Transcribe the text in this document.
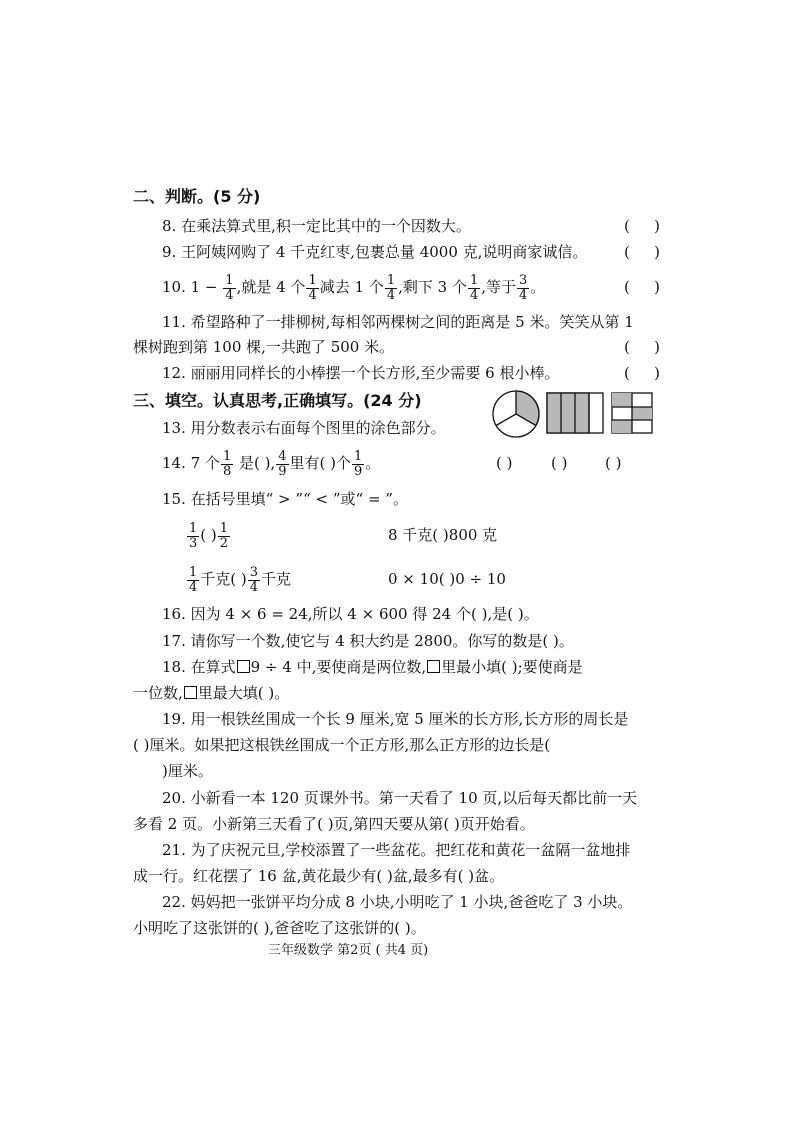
二、判断。(5 分)
8. 在乘法算式里,积一定比其中的一个因数大。	( )
9. 王阿姨网购了 4 千克红枣,包裹总量 4000 克,说明商家诚信。 ( )
10. $1 - \frac{1}{4}$ ,就是 4 个 $\frac{1}{4}$ 减去 1 个 $\frac{1}{4}$ ,剩下 3 个 $\frac{1}{4}$ ,等于 $\frac{3}{4}$ 。	( )
11. 希望路种了一排柳树,每相邻两棵树之间的距离是 5 米。笑笑从第 1
棵树跑到第 100 棵,一共跑了 500 米。	( )
12. 丽丽用同样长的小棒摆一个长方形,至少需要 6 根小棒。	( )
三、填空。认真思考,正确填写。(24 分)
13. 用分数表示右面每个图里的涂色部分。
14. 7 个 $\frac{1}{8}$ 是( ), $\frac{4}{9}$ 里有( )个 $\frac{1}{9}$ 。	( )	( )	( )
15. 在括号里填“ > ”“ < ”或“ = ”。
$\frac{1}{3}$ ( ) $\frac{1}{2}$	8 千克( )800 克
$\frac{1}{4}$ 千克( ) $\frac{3}{4}$ 千克	0 × 10( )0 ÷ 10
16. 因为 4 × 6 = 24,所以 4 × 600 得 24 个( ),是( )。
17. 请你写一个数,使它与 4 积大约是 2800。你写的数是( )。
18. 在算式 9 ÷ 4 中,要使商是两位数, 里最小填( );要使商是
一位数, 里最大填( )。
19. 用一根铁丝围成一个长 9 厘米,宽 5 厘米的长方形,长方形的周长是
( )厘米。如果把这根铁丝围成一个正方形,那么正方形的边长是(
)厘米。
20. 小新看一本 120 页课外书。第一天看了 10 页,以后每天都比前一天
多看 2 页。小新第三天看了( )页,第四天要从第( )页开始看。
21. 为了庆祝元旦,学校添置了一些盆花。把红花和黄花一盆隔一盆地排
成一行。红花摆了 16 盆,黄花最少有( )盆,最多有( )盆。
22. 妈妈把一张饼平均分成 8 小块,小明吃了 1 小块,爸爸吃了 3 小块。
小明吃了这张饼的( ),爸爸吃了这张饼的( )。
三年级数学 第2页 ( 共4 页)
